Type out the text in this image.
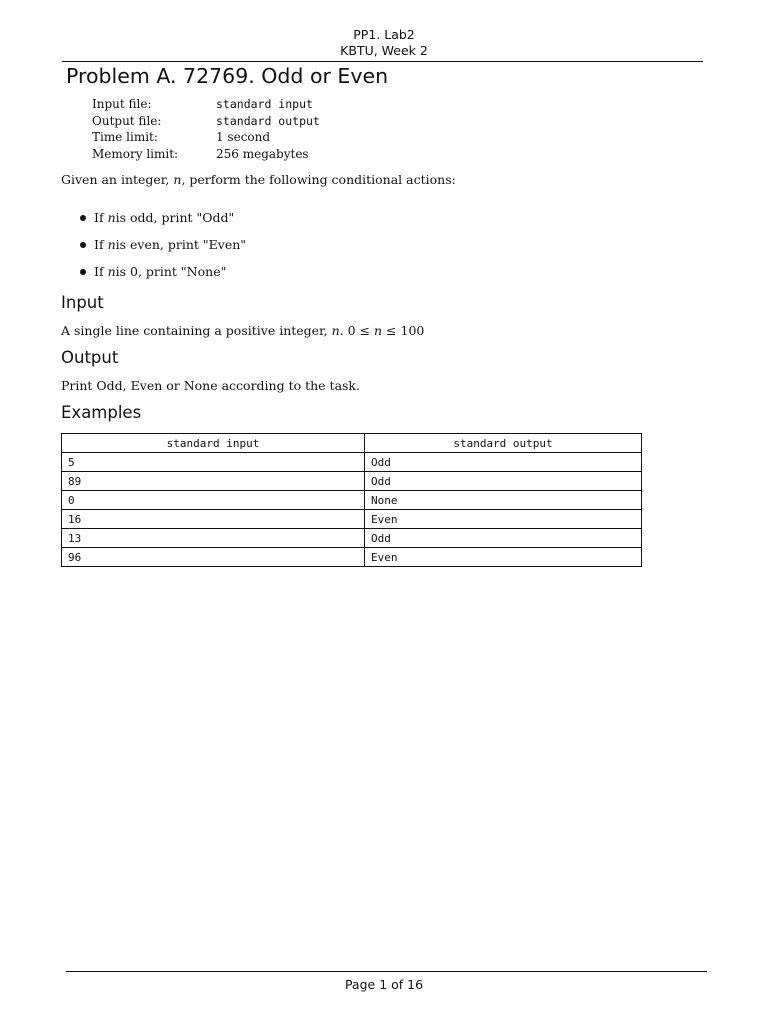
PP1. Lab2
KBTU, Week 2
Problem A. 72769. Odd or Even
Input file:	standard input
Output file:	standard output
Time limit:	1 second
Memory limit:	256 megabytes
Given an integer, n, perform the following conditional actions:
If
n is odd, print "Odd"
If
n is even, print "Even"
If
n is 0, print "None"
Input
A single line containing a positive integer, n. 0 ≤ n ≤ 100
Output
Print Odd, Even or None according to the task.
Examples
standard input	standard output
5	Odd
89	Odd
0	None
16	Even
13	Odd
96	Even
Page 1 of 16
